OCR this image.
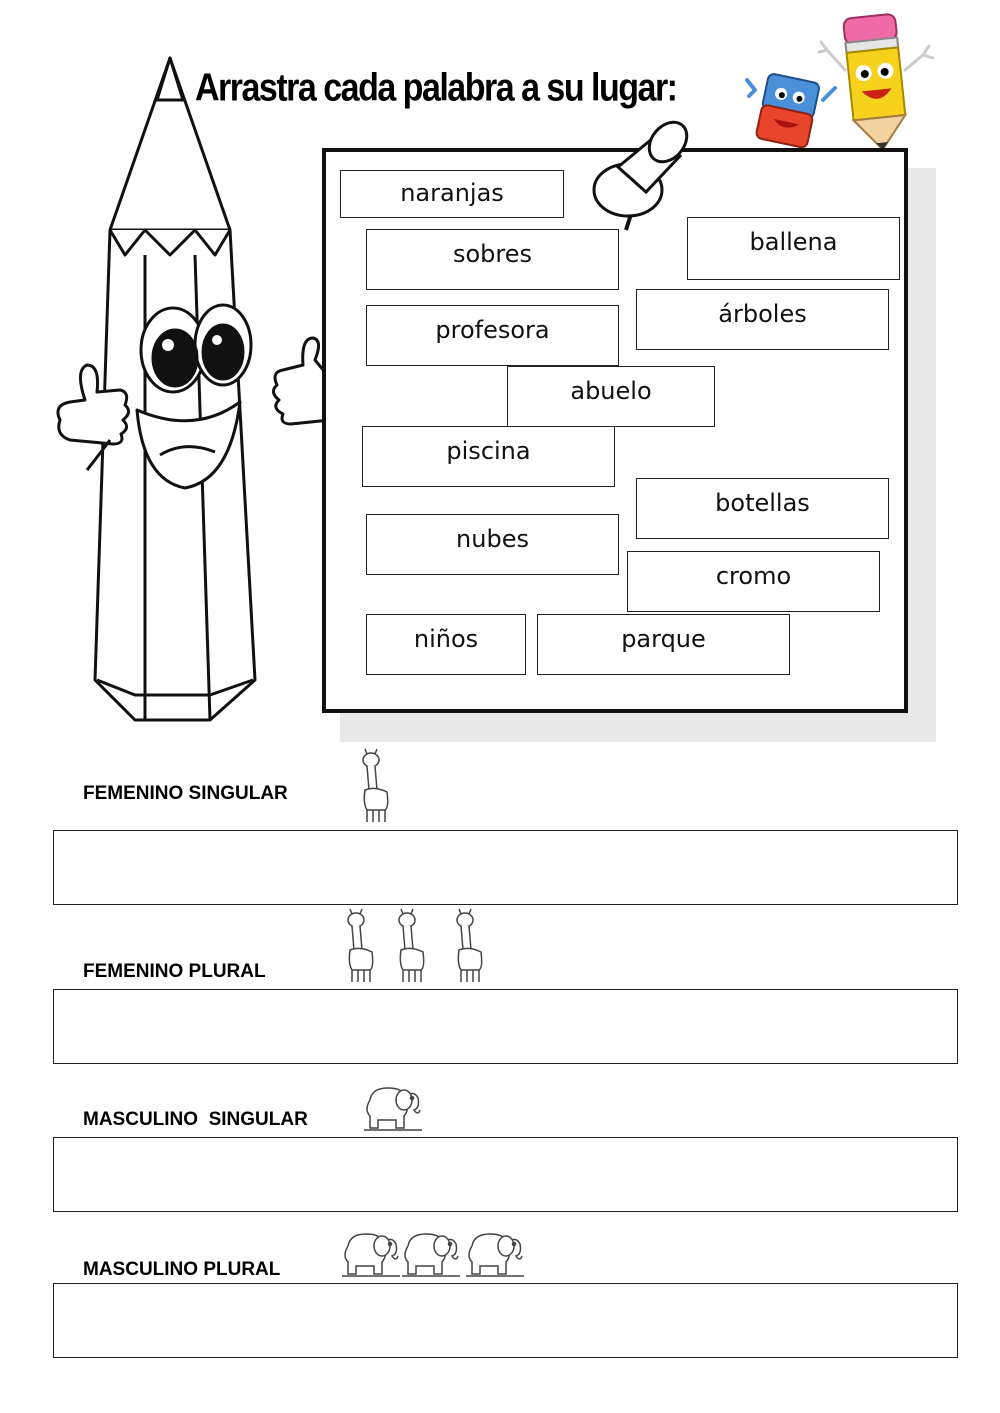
Arrastra cada palabra a su lugar:
naranjas
sobres	ballena
profesora
árboles
abuelo
piscina
botellas
nubes
cromo
niños	parque
FEMENINO SINGULAR
FEMENINO PLURAL
MASCULINO  SINGULAR
MASCULINO PLURAL
